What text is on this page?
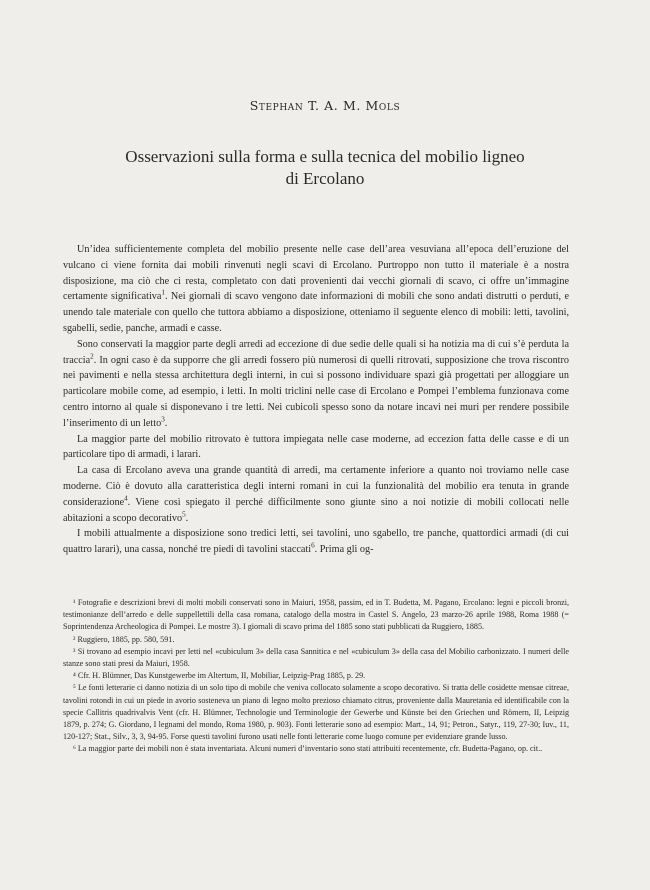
Stephan T. A. M. Mols
Osservazioni sulla forma e sulla tecnica del mobilio ligneo
di Ercolano

Un’idea sufficientemente completa del mobilio presente nelle case dell’area vesuviana all’epoca dell’eruzione del vulcano ci viene fornita dai mobili rinvenuti negli scavi di Ercolano. Purtroppo non tutto il materiale è a nostra disposizione, ma ciò che ci resta, completato con dati provenienti dai vecchi giornali di scavo, ci offre un’immagine certamente significativa$^1$. Nei giornali di scavo vengono date informazioni di mobili che sono andati distrutti o perduti, e unendo tale materiale con quello che tuttora abbiamo a disposizione, otteniamo il seguente elenco di mobili: letti, tavolini, sgabelli, sedie, panche, armadi e casse.

Sono conservati la maggior parte degli arredi ad eccezione di due sedie delle quali si ha notizia ma di cui s’è perduta la traccia$^2$. In ogni caso è da supporre che gli arredi fossero più numerosi di quelli ritrovati, supposizione che trova riscontro nei pavimenti e nella stessa architettura degli interni, in cui si possono individuare spazi già progettati per alloggiare un particolare mobile come, ad esempio, i letti. In molti triclini nelle case di Ercolano e Pompei l’emblema funzionava come centro intorno al quale si disponevano i tre letti. Nei cubicoli spesso sono da notare incavi nei muri per rendere possibile l’inserimento di un letto$^3$.

La maggior parte del mobilio ritrovato è tuttora impiegata nelle case moderne, ad eccezion fatta delle casse e di un particolare tipo di armadi, i larari.

La casa di Ercolano aveva una grande quantità di arredi, ma certamente inferiore a quanto noi troviamo nelle case moderne. Ciò è dovuto alla caratteristica degli interni romani in cui la funzionalità del mobilio era tenuta in grande considerazione$^4$. Viene così spiegato il perché difficilmente sono giunte sino a noi notizie di mobili collocati nelle abitazioni a scopo decorativo$^5$.

I mobili attualmente a disposizione sono tredici letti, sei tavolini, uno sgabello, tre panche, quattordici armadi (di cui quattro larari), una cassa, nonché tre piedi di tavolini staccati$^6$. Prima gli og-

¹ Fotografie e descrizioni brevi di molti mobili conservati sono in Maiuri, 1958, passim, ed in T. Budetta, M. Pagano, Ercolano: legni e piccoli bronzi, testimonianze dell’arredo e delle suppellettili della casa romana, catalogo della mostra in Castel S. Angelo, 23 marzo-26 aprile 1988, Roma 1988 (= Soprintendenza Archeologica di Pompei. Le mostre 3). I giornali di scavo prima del 1885 sono stati pubblicati da Ruggiero, 1885.

² Ruggiero, 1885, pp. 580, 591.

³ Si trovano ad esempio incavi per letti nel «cubiculum 3» della casa Sannitica e nel «cubiculum 3» della casa del Mobilio carbonizzato. I numeri delle stanze sono stati presi da Maiuri, 1958.

⁴ Cfr. H. Blümner, Das Kunstgewerbe im Altertum, II, Mobiliar, Leipzig-Prag 1885, p. 29.

⁵ Le fonti letterarie ci danno notizia di un solo tipo di mobile che veniva collocato solamente a scopo decorativo. Si tratta delle cosidette mensae citreae, tavolini rotondi in cui un piede in avorio sosteneva un piano di legno molto prezioso chiamato citrus, proveniente dalla Mauretania ed identificabile con la specie Callitris quadrivalvis Vent (cfr. H. Blümner, Technologie und Terminologie der Gewerbe und Künste bei den Griechen und Römern, II, Leipzig 1879, p. 274; G. Giordano, I legnami del mondo, Roma 1980, p. 903). Fonti letterarie sono ad esempio: Mart., 14, 91; Petron., Satyr., 119, 27-30; Iuv., 11, 120-127; Stat., Silv., 3, 3, 94-95. Forse questi tavolini furono usati nelle fonti letterarie come luogo comune per evidenziare grande lusso.

⁶ La maggior parte dei mobili non è stata inventariata. Alcuni numeri d’inventario sono stati attribuiti recentemente, cfr. Budetta-Pagano, op. cit..
